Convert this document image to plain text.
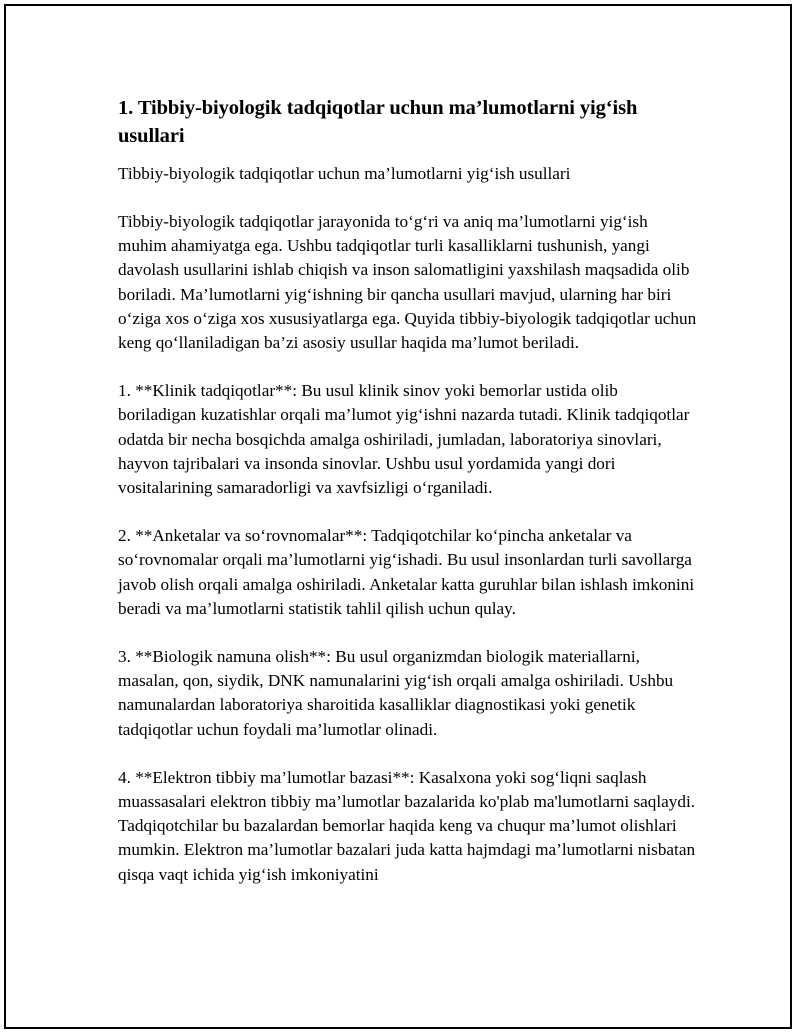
1. Tibbiy-biyologik tadqiqotlar uchun ma’lumotlarni yig‘ish usullari
Tibbiy-biyologik tadqiqotlar uchun ma’lumotlarni yig‘ish usullari

Tibbiy-biyologik tadqiqotlar jarayonida to‘g‘ri va aniq ma’lumotlarni yig‘ish muhim ahamiyatga ega. Ushbu tadqiqotlar turli kasalliklarni tushunish, yangi davolash usullarini ishlab chiqish va inson salomatligini yaxshilash maqsadida olib boriladi. Ma’lumotlarni yig‘ishning bir qancha usullari mavjud, ularning har biri o‘ziga xos o‘ziga xos xususiyatlarga ega. Quyida tibbiy-biyologik tadqiqotlar uchun keng qo‘llaniladigan ba’zi asosiy usullar haqida ma’lumot beriladi.

1. **Klinik tadqiqotlar**: Bu usul klinik sinov yoki bemorlar ustida olib boriladigan kuzatishlar orqali ma’lumot yig‘ishni nazarda tutadi. Klinik tadqiqotlar odatda bir necha bosqichda amalga oshiriladi, jumladan, laboratoriya sinovlari, hayvon tajribalari va insonda sinovlar. Ushbu usul yordamida yangi dori vositalarining samaradorligi va xavfsizligi o‘rganiladi.

2. **Anketalar va so‘rovnomalar**: Tadqiqotchilar ko‘pincha anketalar va so‘rovnomalar orqali ma’lumotlarni yig‘ishadi. Bu usul insonlardan turli savollarga javob olish orqali amalga oshiriladi. Anketalar katta guruhlar bilan ishlash imkonini beradi va ma’lumotlarni statistik tahlil qilish uchun qulay.

3. **Biologik namuna olish**: Bu usul organizmdan biologik materiallarni, masalan, qon, siydik, DNK namunalarini yig‘ish orqali amalga oshiriladi. Ushbu namunalardan laboratoriya sharoitida kasalliklar diagnostikasi yoki genetik tadqiqotlar uchun foydali ma’lumotlar olinadi.

4. **Elektron tibbiy ma’lumotlar bazasi**: Kasalxona yoki sog‘liqni saqlash muassasalari elektron tibbiy ma’lumotlar bazalarida ko'plab ma'lumotlarni saqlaydi. Tadqiqotchilar bu bazalardan bemorlar haqida keng va chuqur ma’lumot olishlari mumkin. Elektron ma’lumotlar bazalari juda katta hajmdagi ma’lumotlarni nisbatan qisqa vaqt ichida yig‘ish imkoniyatini
